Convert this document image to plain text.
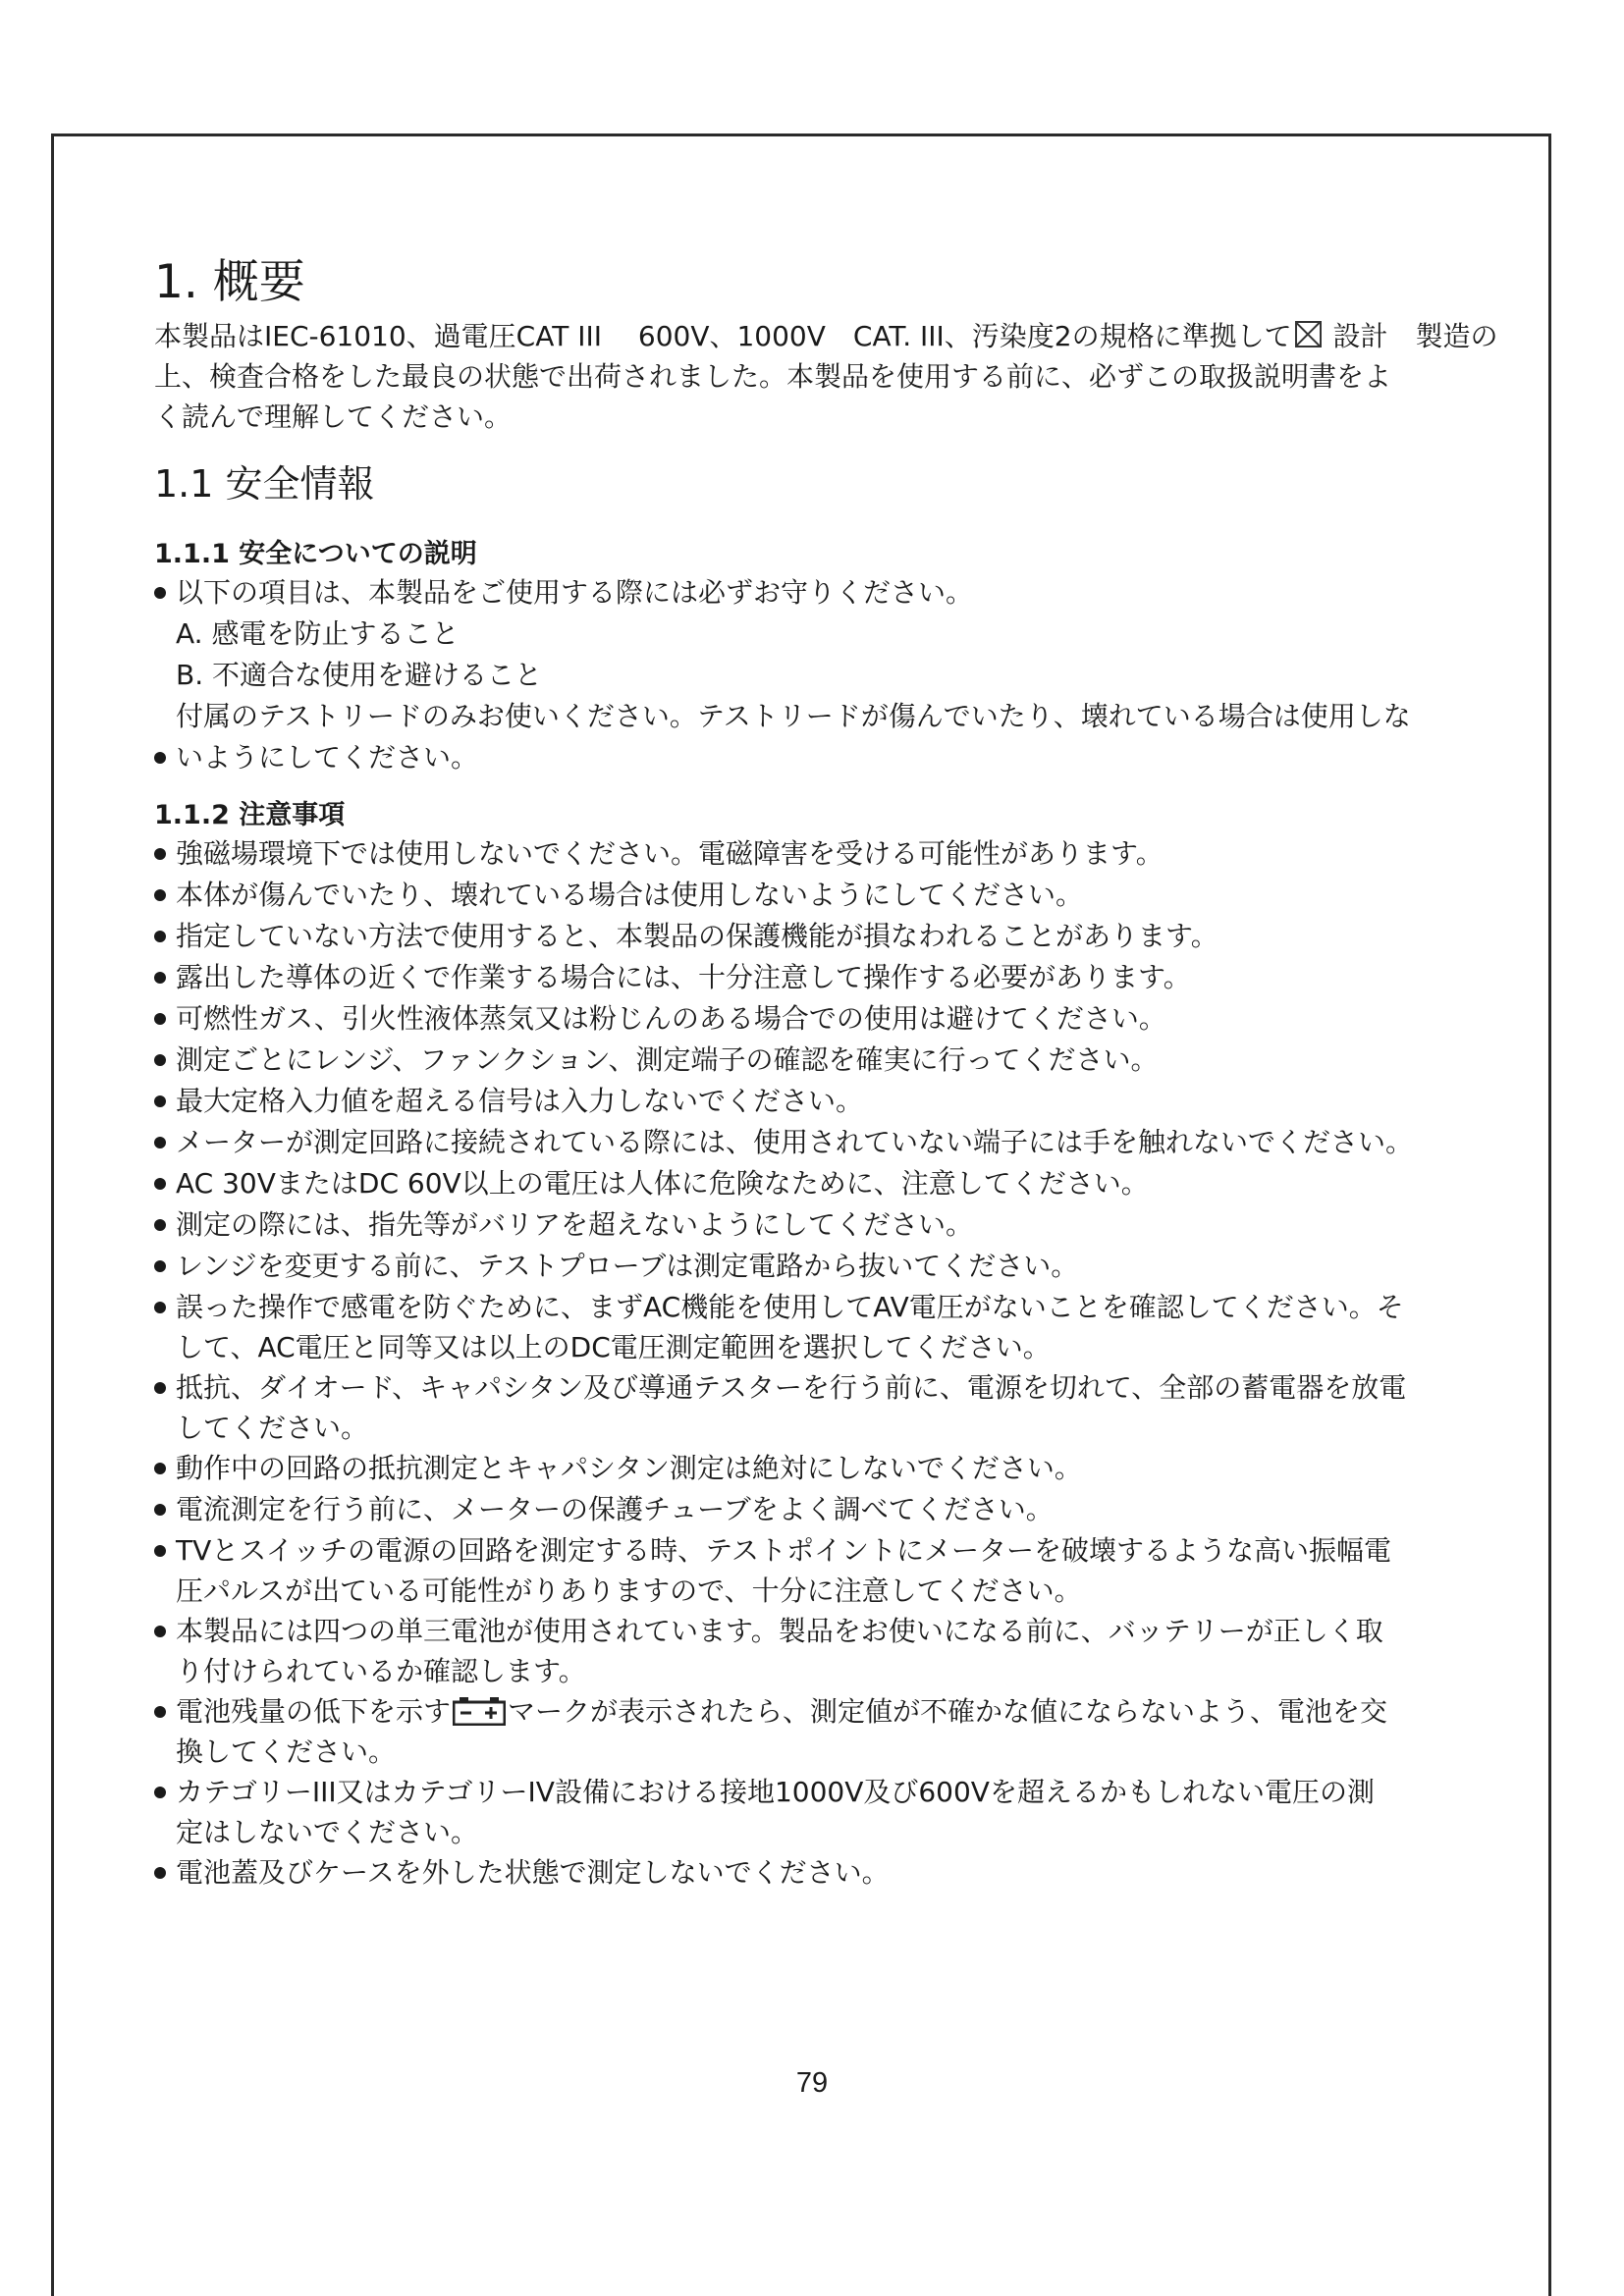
1. 概要
本製品はIEC-61010、過電圧CAT III　 600V、1000V　CAT. III、汚染度2の規格に準拠して 設計　製造の
上、検査合格をした最良の状態で出荷されました。本製品を使用する前に、必ずこの取扱説明書をよ
く読んで理解してください。
1.1 安全情報
1.1.1 安全についての説明
以下の項目は、本製品をご使用する際には必ずお守りください。
A. 感電を防止すること
B. 不適合な使用を避けること
付属のテストリードのみお使いください。テストリードが傷んでいたり、壊れている場合は使用しな
いようにしてください。
1.1.2 注意事項
強磁場環境下では使用しないでください。電磁障害を受ける可能性があります。
本体が傷んでいたり、壊れている場合は使用しないようにしてください。
指定していない方法で使用すると、本製品の保護機能が損なわれることがあります。
露出した導体の近くで作業する場合には、十分注意して操作する必要があります。
可燃性ガス、引火性液体蒸気又は粉じんのある場合での使用は避けてください。
測定ごとにレンジ、ファンクション、測定端子の確認を確実に行ってください。
最大定格入力値を超える信号は入力しないでください。
メーターが測定回路に接続されている際には、使用されていない端子には手を触れないでください。
AC 30VまたはDC 60V以上の電圧は人体に危険なために、注意してください。
測定の際には、指先等がバリアを超えないようにしてください。
レンジを変更する前に、テストプローブは測定電路から抜いてください。
誤った操作で感電を防ぐために、まずAC機能を使用してAV電圧がないことを確認してください。そ
して、AC電圧と同等又は以上のDC電圧測定範囲を選択してください。
抵抗、ダイオード、キャパシタン及び導通テスターを行う前に、電源を切れて、全部の蓄電器を放電
してください。
動作中の回路の抵抗測定とキャパシタン測定は絶対にしないでください。
電流測定を行う前に、メーターの保護チューブをよく調べてください。
TVとスイッチの電源の回路を測定する時、テストポイントにメーターを破壊するような高い振幅電
圧パルスが出ている可能性がりありますので、十分に注意してください。
本製品には四つの単三電池が使用されています。製品をお使いになる前に、バッテリーが正しく取
り付けられているか確認します。
電池残量の低下を示す マークが表示されたら、測定値が不確かな値にならないよう、電池を交
換してください。
カテゴリーIII又はカテゴリーIV設備における接地1000V及び600Vを超えるかもしれない電圧の測
定はしないでください。
電池蓋及びケースを外した状態で測定しないでください。
79
